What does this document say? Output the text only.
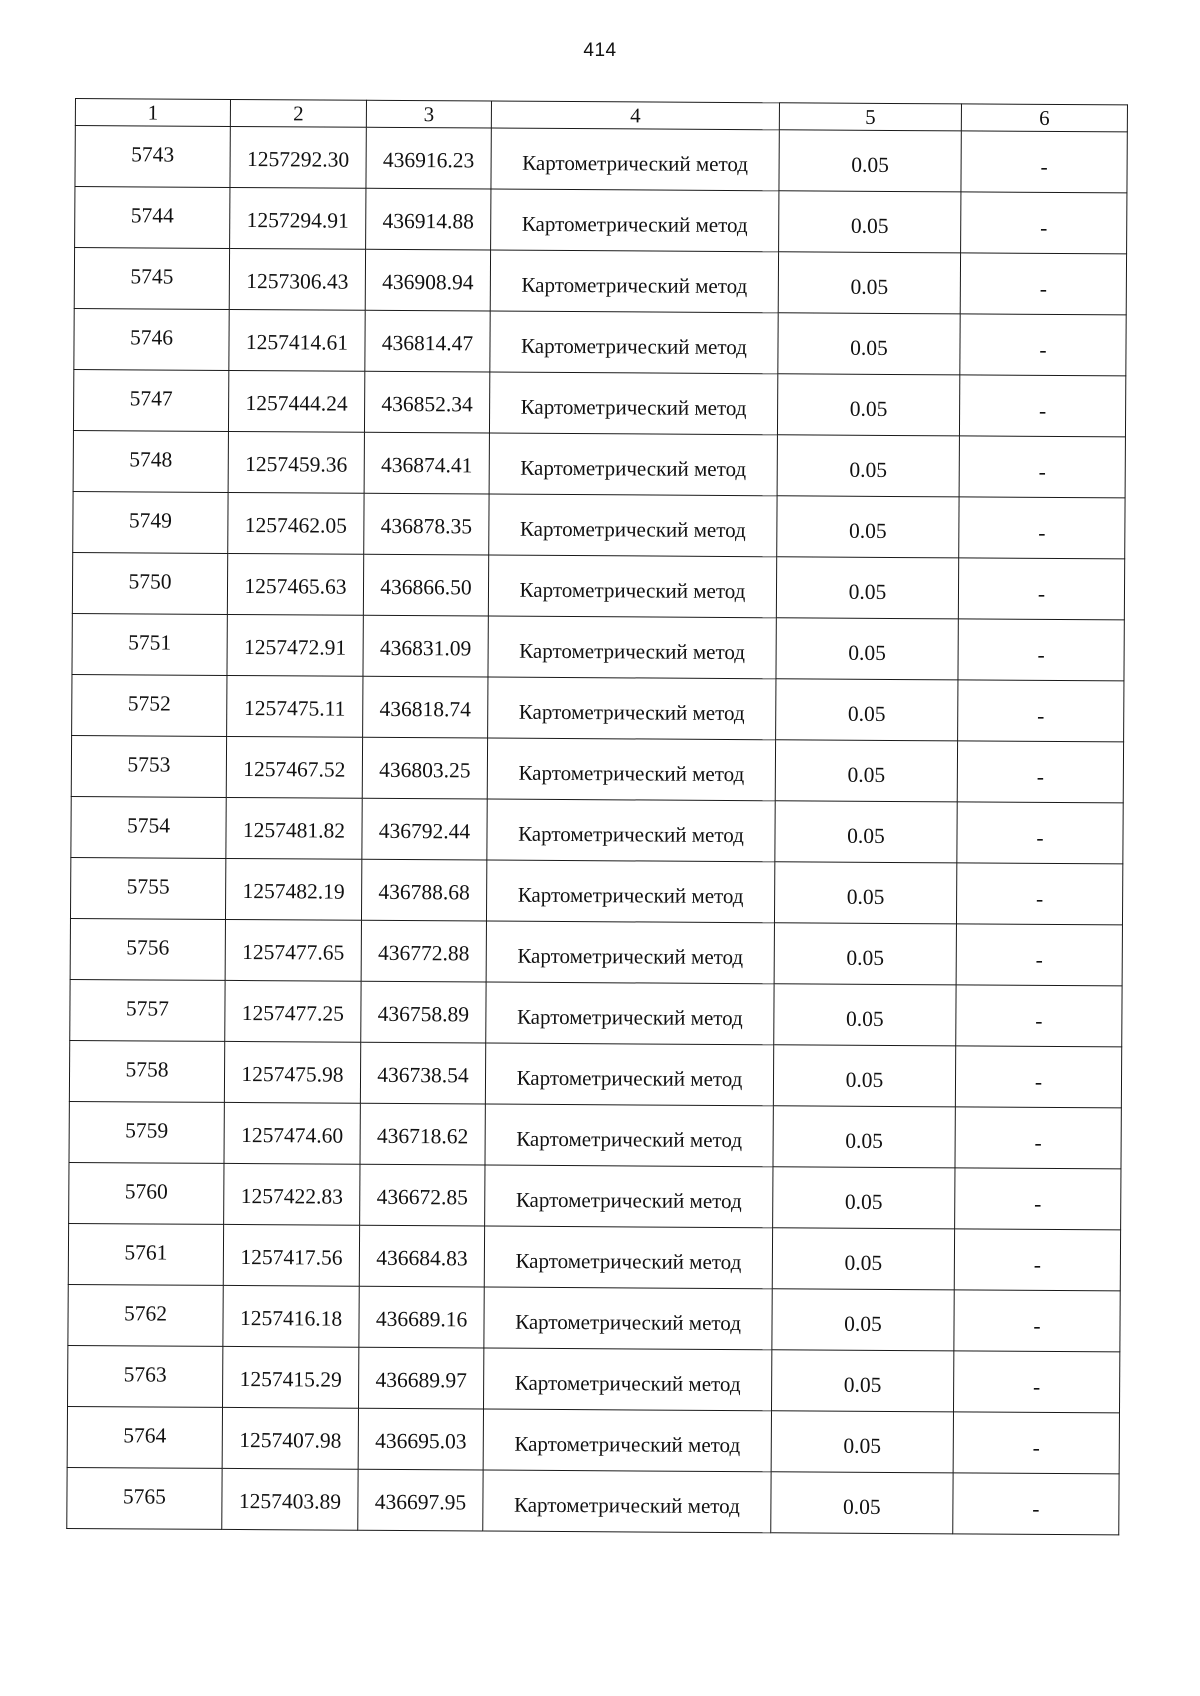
414
1	2	3	4	5	6
5743	1257292.30	436916.23	Картометрический метод	0.05	-
5744	1257294.91	436914.88	Картометрический метод	0.05	-
5745	1257306.43	436908.94	Картометрический метод	0.05	-
5746	1257414.61	436814.47	Картометрический метод	0.05	-
5747	1257444.24	436852.34	Картометрический метод	0.05	-
5748	1257459.36	436874.41	Картометрический метод	0.05	-
5749	1257462.05	436878.35	Картометрический метод	0.05	-
5750	1257465.63	436866.50	Картометрический метод	0.05	-
5751	1257472.91	436831.09	Картометрический метод	0.05	-
5752	1257475.11	436818.74	Картометрический метод	0.05	-
5753	1257467.52	436803.25	Картометрический метод	0.05	-
5754	1257481.82	436792.44	Картометрический метод	0.05	-
5755	1257482.19	436788.68	Картометрический метод	0.05	-
5756	1257477.65	436772.88	Картометрический метод	0.05	-
5757	1257477.25	436758.89	Картометрический метод	0.05	-
5758	1257475.98	436738.54	Картометрический метод	0.05	-
5759	1257474.60	436718.62	Картометрический метод	0.05	-
5760	1257422.83	436672.85	Картометрический метод	0.05	-
5761	1257417.56	436684.83	Картометрический метод	0.05	-
5762	1257416.18	436689.16	Картометрический метод	0.05	-
5763	1257415.29	436689.97	Картометрический метод	0.05	-
5764	1257407.98	436695.03	Картометрический метод	0.05	-
5765	1257403.89	436697.95	Картометрический метод	0.05	-
